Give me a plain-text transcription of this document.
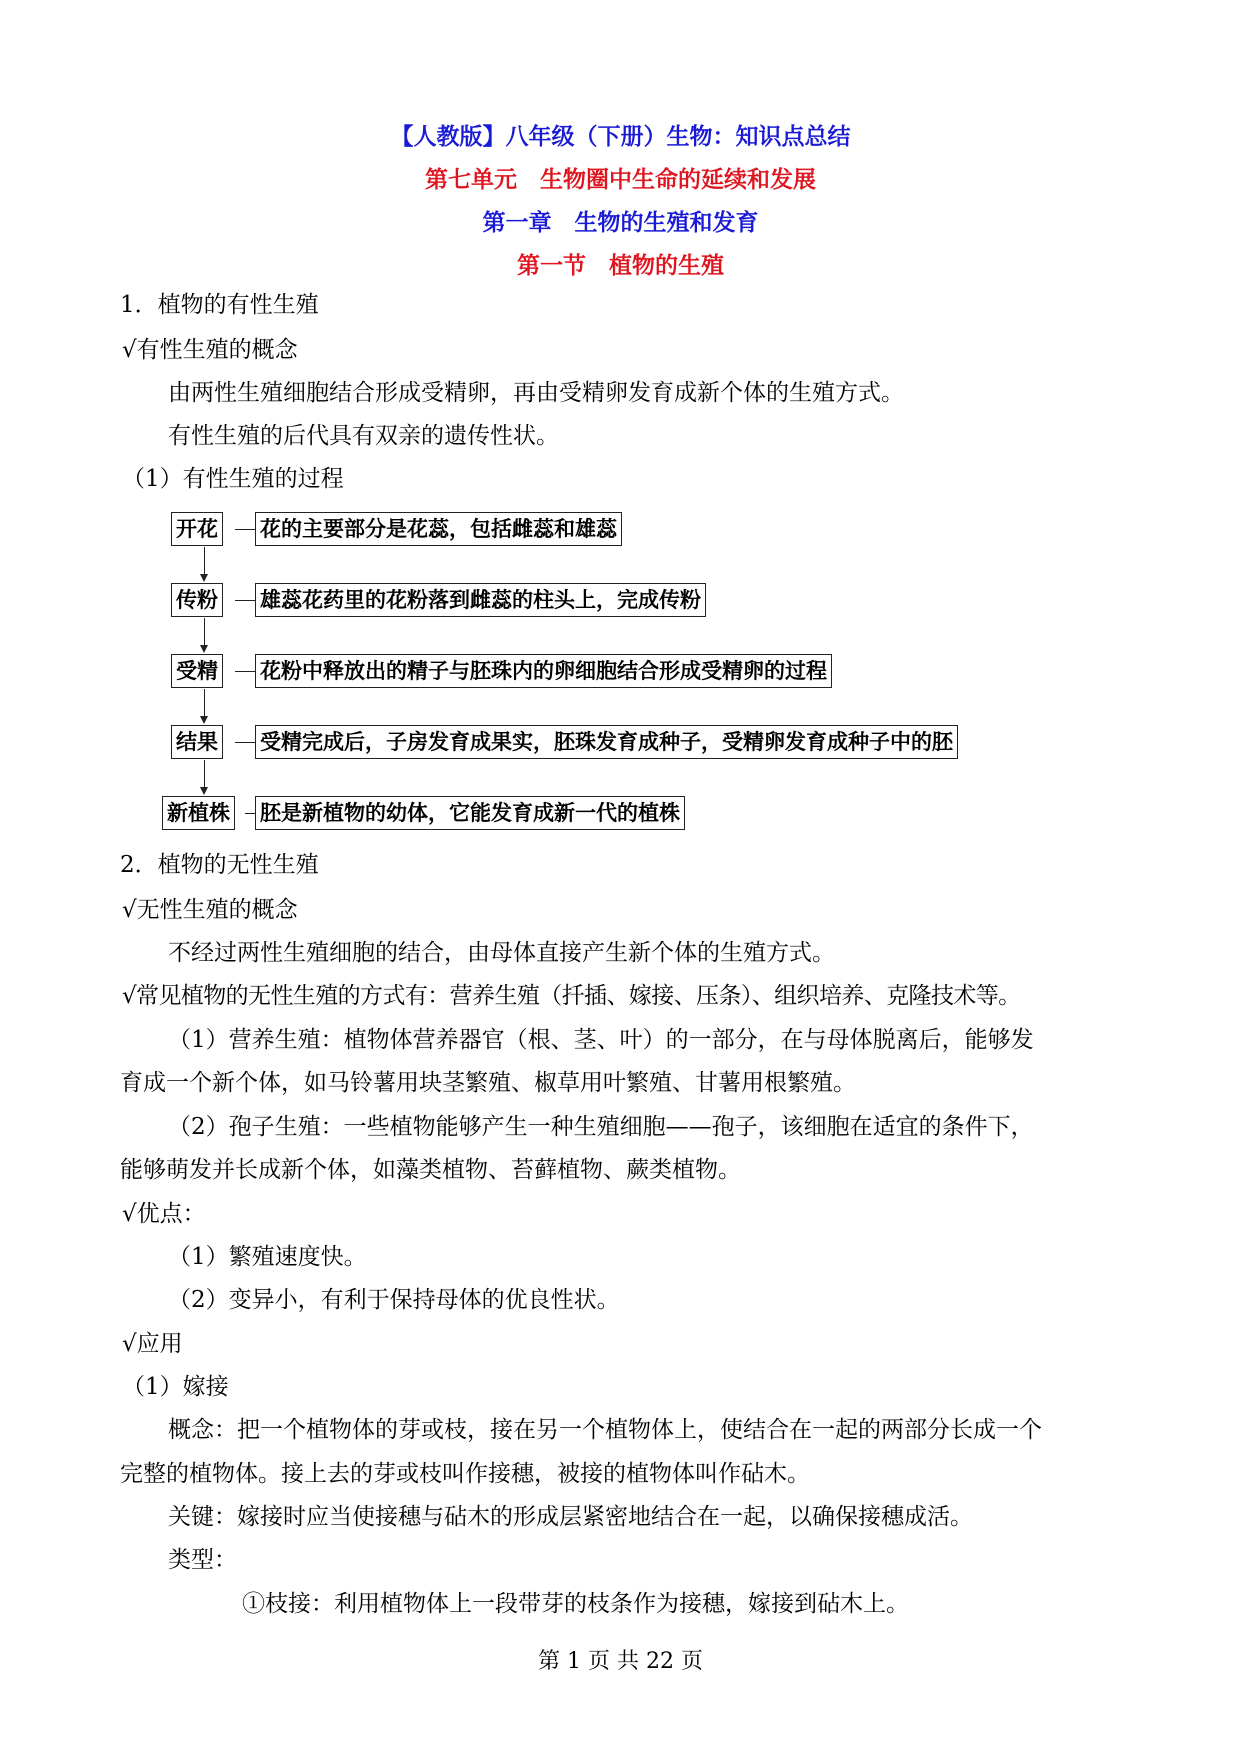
【人教版】八年级（下册）生物：知识点总结
第七单元　生物圈中生命的延续和发展
第一章　生物的生殖和发育
第一节　植物的生殖
1．植物的有性生殖
√有性生殖的概念
由两性生殖细胞结合形成受精卵，再由受精卵发育成新个体的生殖方式。
有性生殖的后代具有双亲的遗传性状。
（1）有性生殖的过程
开花 花的主要部分是花蕊，包括雌蕊和雄蕊
传粉 雄蕊花药里的花粉落到雌蕊的柱头上，完成传粉
受精 花粉中释放出的精子与胚珠内的卵细胞结合形成受精卵的过程
结果 受精完成后，子房发育成果实，胚珠发育成种子，受精卵发育成种子中的胚
新植株 胚是新植物的幼体，它能发育成新一代的植株
2．植物的无性生殖
√无性生殖的概念
不经过两性生殖细胞的结合，由母体直接产生新个体的生殖方式。
√常见植物的无性生殖的方式有：营养生殖（扦插、嫁接、压条）、组织培养、克隆技术等。
（1）营养生殖：植物体营养器官（根、茎、叶）的一部分，在与母体脱离后，能够发
育成一个新个体，如马铃薯用块茎繁殖、椒草用叶繁殖、甘薯用根繁殖。
（2）孢子生殖：一些植物能够产生一种生殖细胞——孢子，该细胞在适宜的条件下，
能够萌发并长成新个体，如藻类植物、苔藓植物、蕨类植物。
√优点：
（1）繁殖速度快。
（2）变异小，有利于保持母体的优良性状。
√应用
（1）嫁接
概念：把一个植物体的芽或枝，接在另一个植物体上，使结合在一起的两部分长成一个
完整的植物体。接上去的芽或枝叫作接穗，被接的植物体叫作砧木。
关键：嫁接时应当使接穗与砧木的形成层紧密地结合在一起，以确保接穗成活。
类型：
①枝接：利用植物体上一段带芽的枝条作为接穗，嫁接到砧木上。
第 1 页 共 22 页
